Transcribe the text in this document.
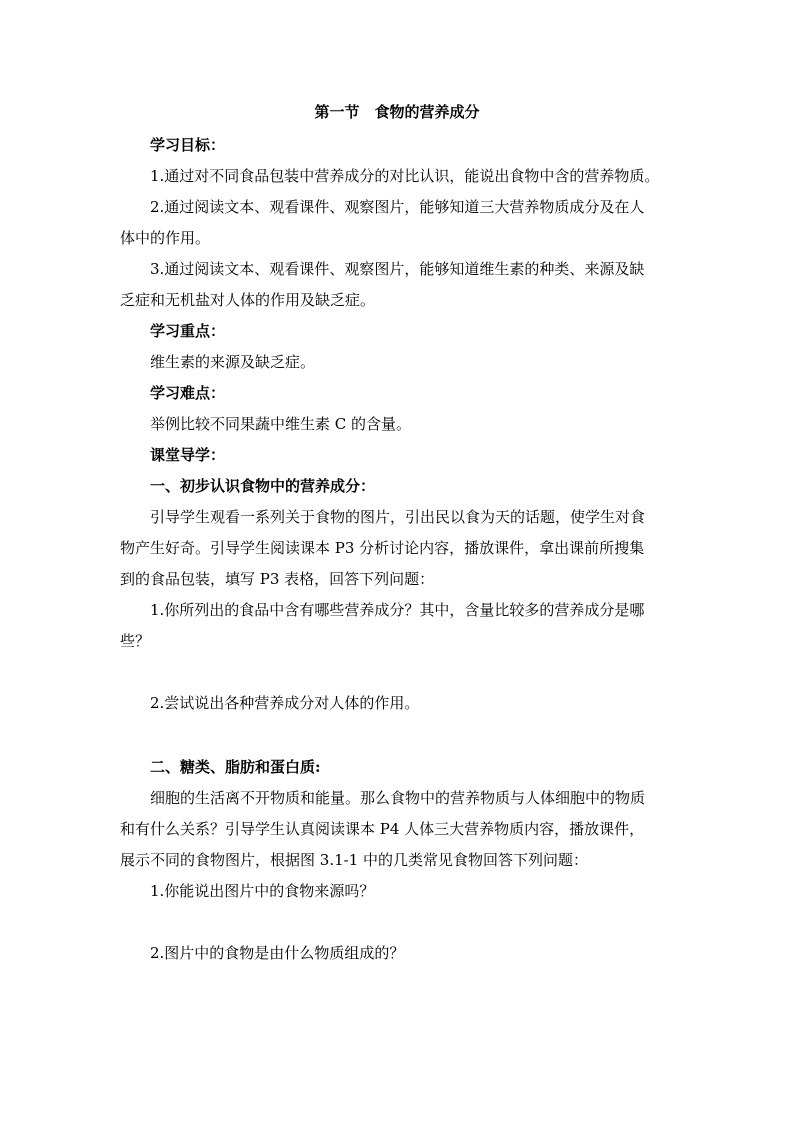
第一节　食物的营养成分
学习目标：
1.通过对不同食品包装中营养成分的对比认识，能说出食物中含的营养物质。
2.通过阅读文本、观看课件、观察图片，能够知道三大营养物质成分及在人
体中的作用。
3.通过阅读文本、观看课件、观察图片，能够知道维生素的种类、来源及缺
乏症和无机盐对人体的作用及缺乏症。
学习重点：
维生素的来源及缺乏症。
学习难点：
举例比较不同果蔬中维生素 C 的含量。
课堂导学：
一、初步认识食物中的营养成分：
引导学生观看一系列关于食物的图片，引出民以食为天的话题，使学生对食
物产生好奇。引导学生阅读课本 P3 分析讨论内容，播放课件，拿出课前所搜集
到的食品包装，填写 P3 表格，回答下列问题：
1.你所列出的食品中含有哪些营养成分？其中，含量比较多的营养成分是哪
些？
2.尝试说出各种营养成分对人体的作用。
二、糖类、脂肪和蛋白质:
细胞的生活离不开物质和能量。那么食物中的营养物质与人体细胞中的物质
和有什么关系？引导学生认真阅读课本 P4 人体三大营养物质内容，播放课件，
展示不同的食物图片，根据图 3.1-1 中的几类常见食物回答下列问题：
1.你能说出图片中的食物来源吗？
2.图片中的食物是由什么物质组成的？
